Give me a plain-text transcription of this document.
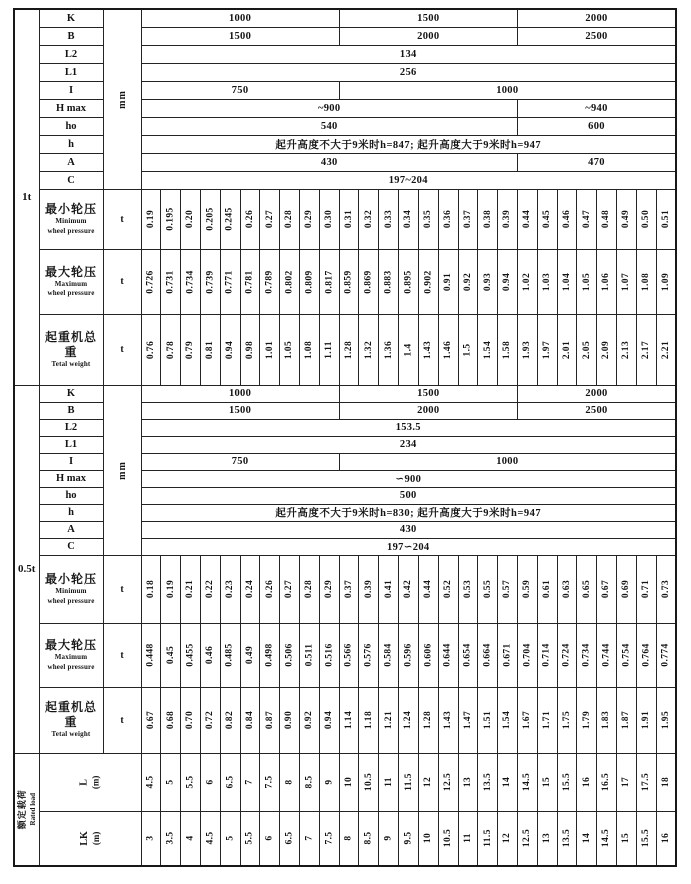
1t	K	mm	1000										1500									2000							
	B		1500										2000									2500							
	L2		134																										
	L1		256																										
	I		750										1000																
	H max		~900																			~940							
	ho		540																			600							
	h		起升高度不大于9米时h=847; 起升高度大于9米时h=947																										
	A		430																			470							
	C		197~204																										

	最小轮压
Minimum
wheel pressure	t	0.19	0.195	0.20	0.205	0.245	0.26	0.27	0.28	0.29	0.30	0.31	0.32	0.33	0.34	0.35	0.36	0.37	0.38	0.39	0.44	0.45	0.46	0.47	0.48	0.49	0.50	0.51

	最大轮压
Maximum
wheel pressure	t	0.726	0.731	0.734	0.739	0.771	0.781	0.789	0.802	0.809	0.817	0.859	0.869	0.883	0.895	0.902	0.91	0.92	0.93	0.94	1.02	1.03	1.04	1.05	1.06	1.07	1.08	1.09

	起重机总重
Tetal weight	t	0.76	0.78	0.79	0.81	0.94	0.98	1.01	1.05	1.08	1.11	1.28	1.32	1.36	1.4	1.43	1.46	1.5	1.54	1.58	1.93	1.97	2.01	2.05	2.09	2.13	2.17	2.21

0.5t	K	mm	1000										1500									2000							
	B		1500										2000									2500							
	L2		153.5																										
	L1		234																										
	I		750										1000																
	H max		∽900																										
	ho		500																										
	h		起升高度不大于9米时h=830; 起升高度大于9米时h=947																										
	A		430																										
	C		197∽204																										

	最小轮压
Minimum
wheel pressure	t	0.18	0.19	0.21	0.22	0.23	0.24	0.26	0.27	0.28	0.29	0.37	0.39	0.41	0.42	0.44	0.52	0.53	0.55	0.57	0.59	0.61	0.63	0.65	0.67	0.69	0.71	0.73

	最大轮压
Maximum
wheel pressure	t	0.448	0.45	0.455	0.46	0.485	0.49	0.498	0.506	0.511	0.516	0.566	0.576	0.584	0.596	0.606	0.644	0.654	0.664	0.671	0.704	0.714	0.724	0.734	0.744	0.754	0.764	0.774

	起重机总重
Tetal weight	t	0.67	0.68	0.70	0.72	0.82	0.84	0.87	0.90	0.92	0.94	1.14	1.18	1.21	1.24	1.28	1.43	1.47	1.51	1.54	1.67	1.71	1.75	1.79	1.83	1.87	1.91	1.95

额定载荷 Rated load	L (m)		4.5	5	5.5	6	6.5	7	7.5	8	8.5	9	10	10.5	11	11.5	12	12.5	13	13.5	14	14.5	15	15.5	16	16.5	17	17.5	18

	LK (m)		3	3.5	4	4.5	5	5.5	6	6.5	7	7.5	8	8.5	9	9.5	10	10.5	11	11.5	12	12.5	13	13.5	14	14.5	15	15.5	16
